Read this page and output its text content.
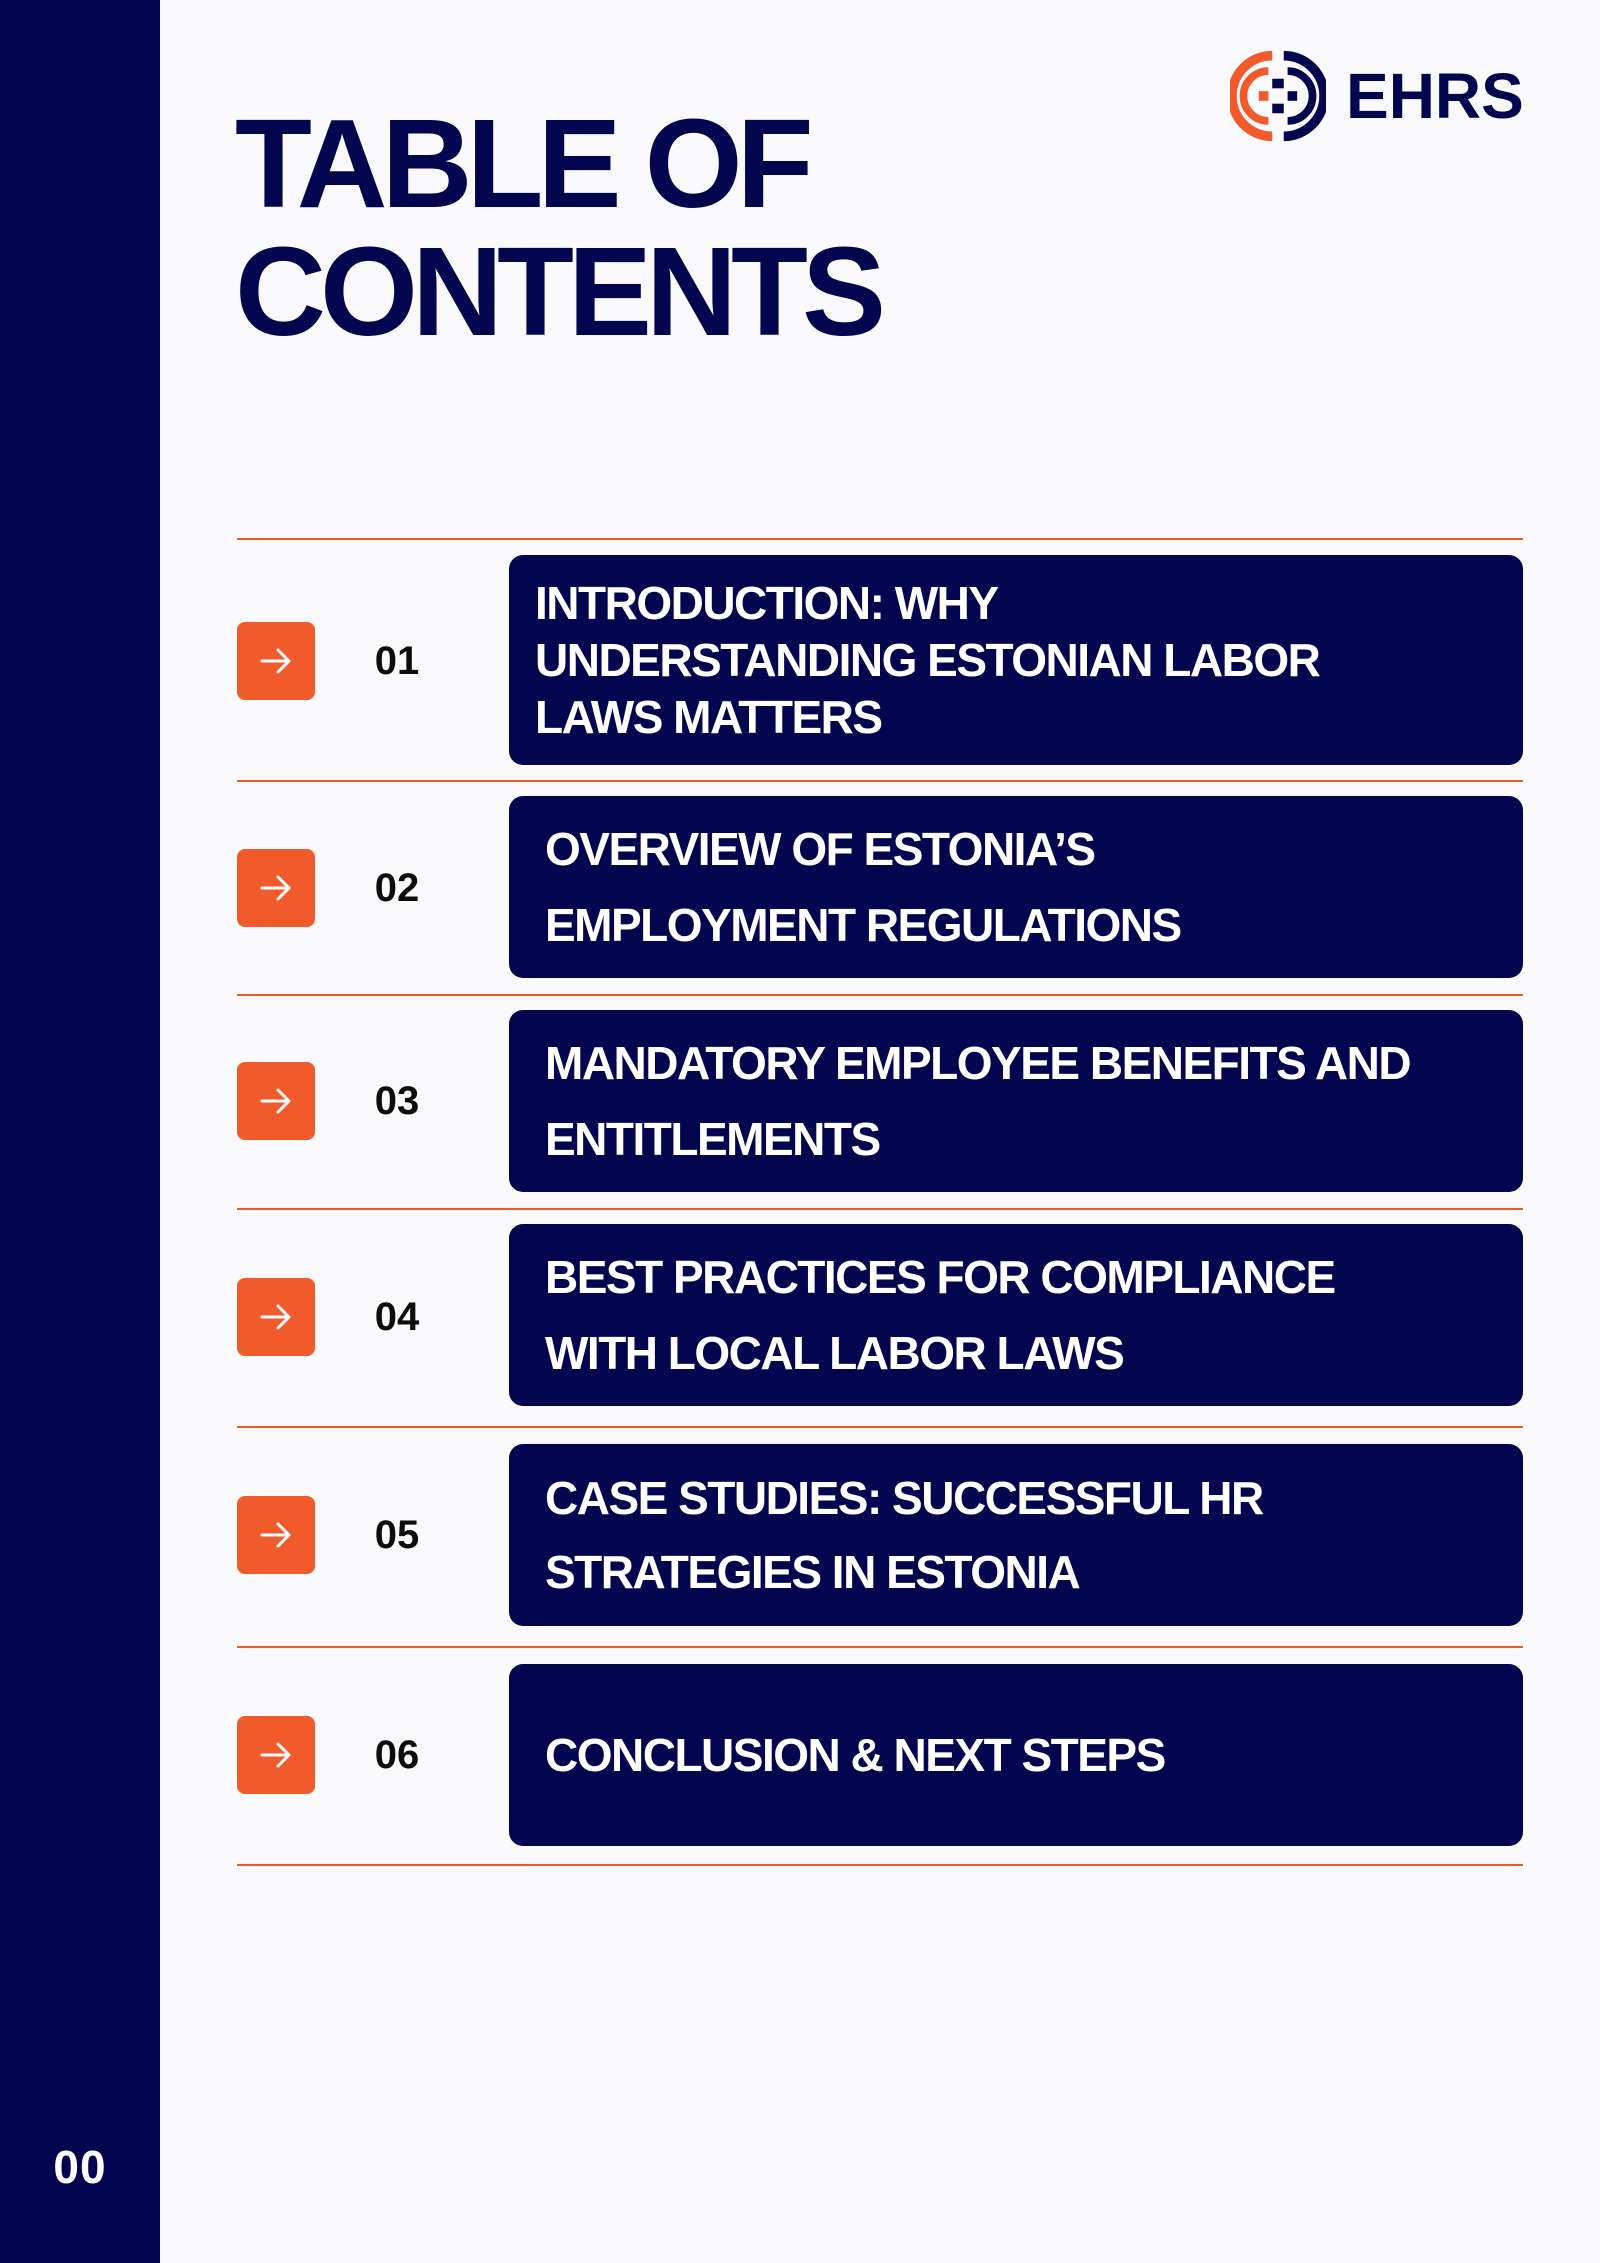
00
TABLE OF
CONTENTS
EHRS
01
INTRODUCTION: WHY UNDERSTANDING ESTONIAN LABOR LAWS MATTERS
02
OVERVIEW OF ESTONIA’S EMPLOYMENT REGULATIONS
03
MANDATORY EMPLOYEE BENEFITS AND ENTITLEMENTS
04
BEST PRACTICES FOR COMPLIANCE WITH LOCAL LABOR LAWS
05
CASE STUDIES: SUCCESSFUL HR STRATEGIES IN ESTONIA
06	CONCLUSION & NEXT STEPS
